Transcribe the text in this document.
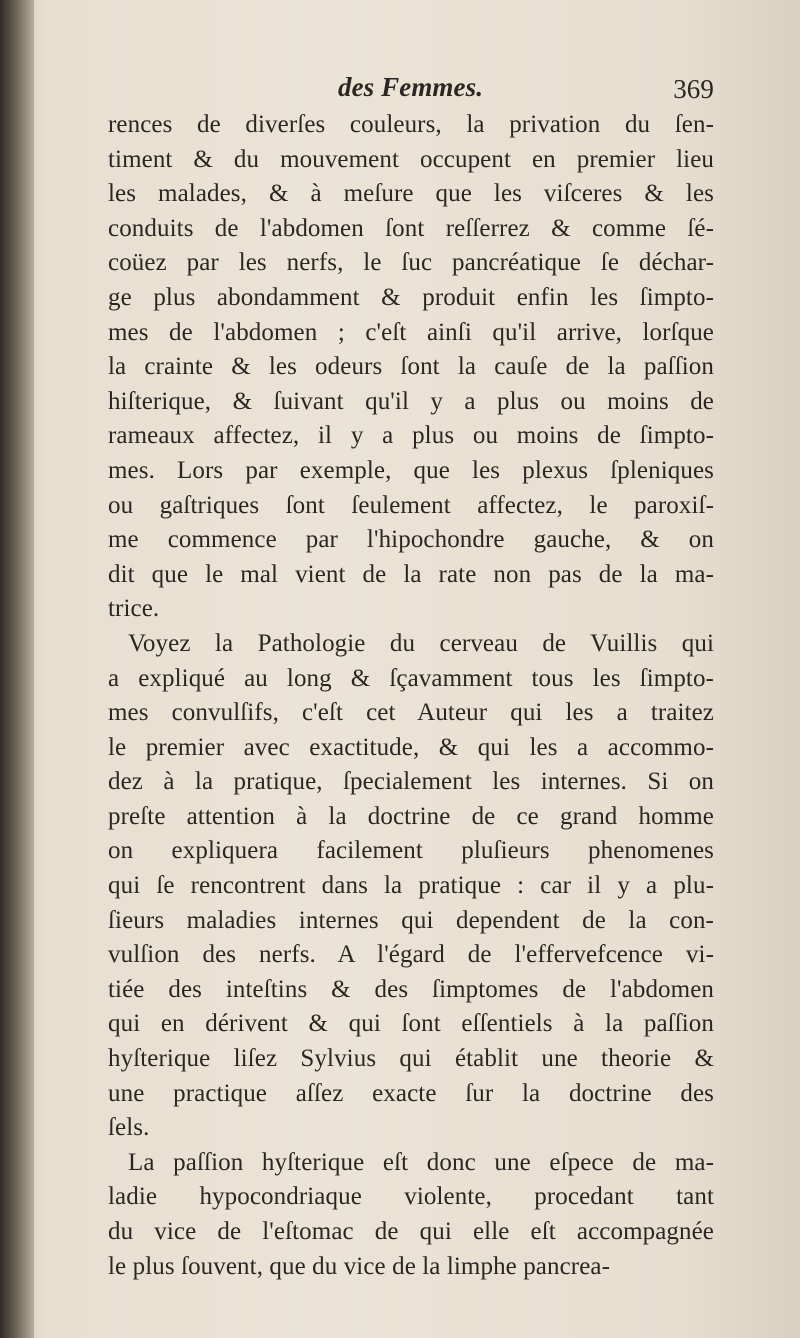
des Femmes.	369
rences de diverſes couleurs, la privation du ſen-
timent & du mouvement occupent en premier lieu
les malades, & à meſure que les viſceres & les
conduits de l'abdomen ſont reſſerrez & comme ſé-
coüez par les nerfs, le ſuc pancréatique ſe déchar-
ge plus abondamment & produit enfin les ſimpto-
mes de l'abdomen ; c'eſt ainſi qu'il arrive, lorſque
la crainte & les odeurs ſont la cauſe de la paſſion
hiſterique, & ſuivant qu'il y a plus ou moins de
rameaux affectez, il y a plus ou moins de ſimpto-
mes. Lors par exemple, que les plexus ſpleniques
ou gaſtriques ſont ſeulement affectez, le paroxiſ-
me commence par l'hipochondre gauche, & on
dit que le mal vient de la rate non pas de la ma-
trice.
Voyez la Pathologie du cerveau de Vuillis qui
a expliqué au long & ſçavamment tous les ſimpto-
mes convulſifs, c'eſt cet Auteur qui les a traitez
le premier avec exactitude, & qui les a accommo-
dez à la pratique, ſpecialement les internes. Si on
preſte attention à la doctrine de ce grand homme
on expliquera facilement pluſieurs phenomenes
qui ſe rencontrent dans la pratique : car il y a plu-
ſieurs maladies internes qui dependent de la con-
vulſion des nerfs. A l'égard de l'effervefcence vi-
tiée des inteſtins & des ſimptomes de l'abdomen
qui en dérivent & qui ſont eſſentiels à la paſſion
hyſterique liſez Sylvius qui établit une theorie &
une practique aſſez exacte ſur la doctrine des
ſels.
La paſſion hyſterique eſt donc une eſpece de ma-
ladie hypocondriaque violente, procedant tant
du vice de l'eſtomac de qui elle eſt accompagnée
le plus ſouvent, que du vice de la limphe pancrea-
